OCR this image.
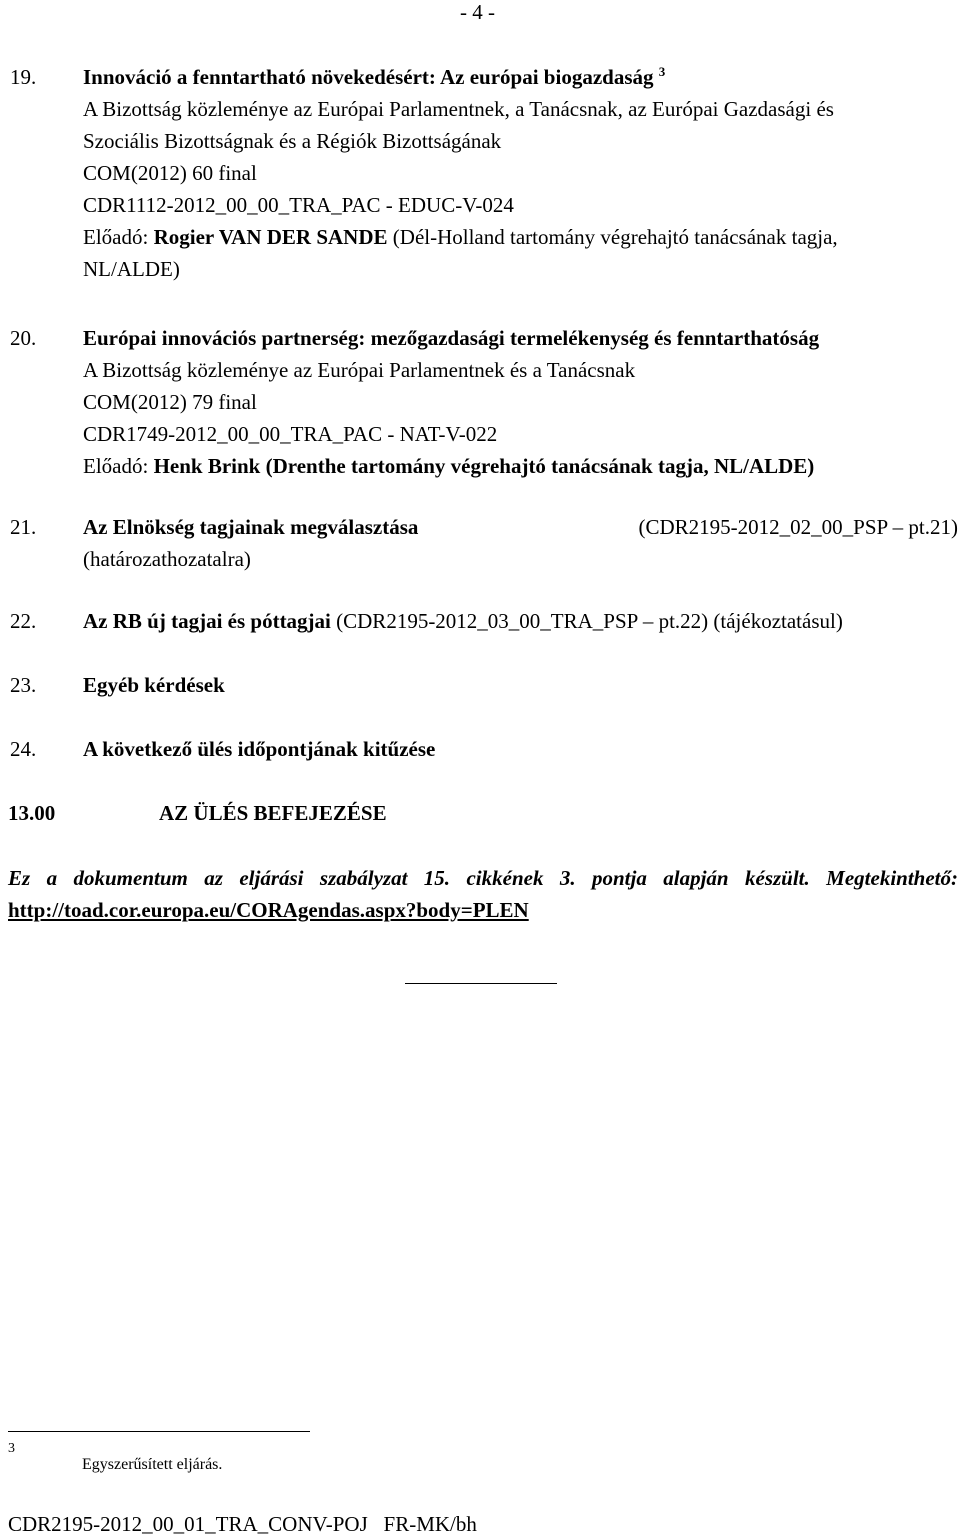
- 4 -
19. Innováció a fenntartható növekedésért: Az európai biogazdaság $^3$
A Bizottság közleménye az Európai Parlamentnek, a Tanácsnak, az Európai Gazdasági és
Szociális Bizottságnak és a Régiók Bizottságának
COM(2012) 60 final
CDR1112-2012_00_00_TRA_PAC - EDUC-V-024
Előadó: Rogier VAN DER SANDE (Dél-Holland tartomány végrehajtó tanácsának tagja,
NL/ALDE)
20. Európai innovációs partnerség: mezőgazdasági termelékenység és fenntarthatóság
A Bizottság közleménye az Európai Parlamentnek és a Tanácsnak
COM(2012) 79 final
CDR1749-2012_00_00_TRA_PAC - NAT-V-022
Előadó: Henk Brink (Drenthe tartomány végrehajtó tanácsának tagja, NL/ALDE)
21. Az Elnökség tagjainak megválasztása	(CDR2195-2012_02_00_PSP – pt.21)
(határozathozatalra)
22. Az RB új tagjai és póttagjai (CDR2195-2012_03_00_TRA_PSP – pt.22) (tájékoztatásul)
23. Egyéb kérdések
24. A következő ülés időpontjának kitűzése
13.00	AZ ÜLÉS BEFEJEZÉSE
Ez a dokumentum az eljárási szabályzat 15. cikkének 3. pontja alapján készült. Megtekinthető:
http://toad.cor.europa.eu/CORAgendas.aspx?body=PLEN
3
Egyszerűsített eljárás.
CDR2195-2012_00_01_TRA_CONV-POJ   FR-MK/bh
